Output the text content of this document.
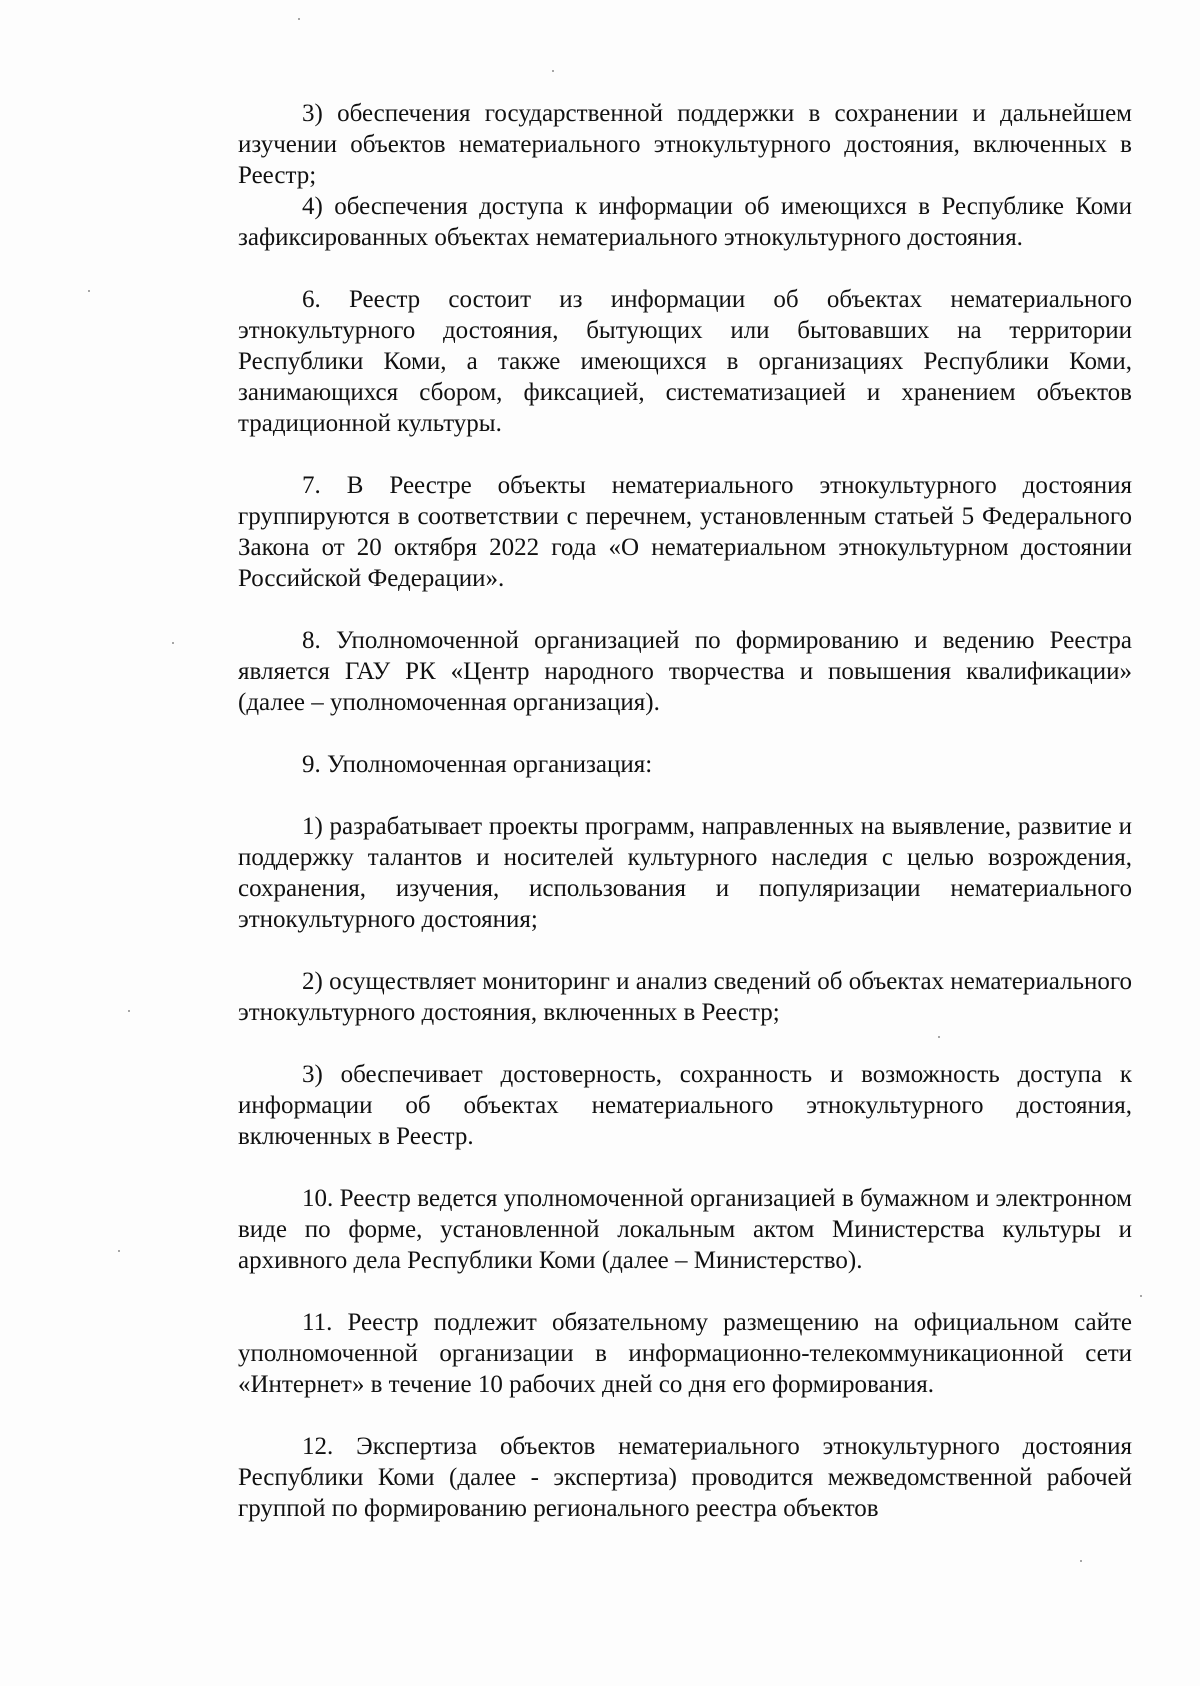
3) обеспечения государственной поддержки в сохранении и дальнейшем изучении объектов нематериального этнокультурного достояния, включенных в Реестр;

4) обеспечения доступа к информации об имеющихся в Республике Коми зафиксированных объектах нематериального этнокультурного достояния.

6. Реестр состоит из информации об объектах нематериального этнокультурного достояния, бытующих или бытовавших на территории Республики Коми, а также имеющихся в организациях Республики Коми, занимающихся сбором, фиксацией, систематизацией и хранением объектов традиционной культуры.

7. В Реестре объекты нематериального этнокультурного достояния группируются в соответствии с перечнем, установленным статьей 5 Федерального Закона от 20 октября 2022 года «О нематериальном этнокультурном достоянии Российской Федерации».

8. Уполномоченной организацией по формированию и ведению Реестра является ГАУ РК «Центр народного творчества и повышения квалификации» (далее – уполномоченная организация).

9. Уполномоченная организация:

1) разрабатывает проекты программ, направленных на выявление, развитие и поддержку талантов и носителей культурного наследия с целью возрождения, сохранения, изучения, использования и популяризации нематериального этнокультурного достояния;

2) осуществляет мониторинг и анализ сведений об объектах нематериального этнокультурного достояния, включенных в Реестр;

3) обеспечивает достоверность, сохранность и возможность доступа к информации об объектах нематериального этнокультурного достояния, включенных в Реестр.

10. Реестр ведется уполномоченной организацией в бумажном и электронном виде по форме, установленной локальным актом Министерства культуры и архивного дела Республики Коми (далее – Министерство).

11. Реестр подлежит обязательному размещению на официальном сайте уполномоченной организации в информационно-телекоммуникационной сети «Интернет» в течение 10 рабочих дней со дня его формирования.

12. Экспертиза объектов нематериального этнокультурного достояния Республики Коми (далее - экспертиза) проводится межведомственной рабочей группой по формированию регионального реестра объектов
